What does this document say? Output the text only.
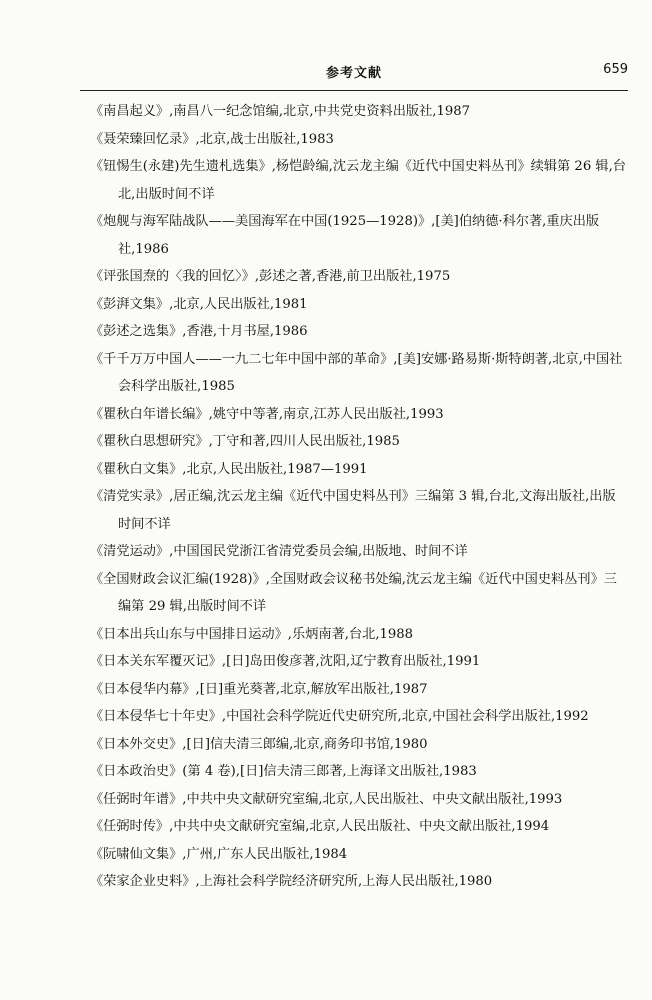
参考文献	659
《南昌起义》,南昌八一纪念馆编,北京,中共党史资料出版社,1987
《聂荣臻回忆录》,北京,战士出版社,1983
《钮惕生(永建)先生遗札选集》,杨恺龄编,沈云龙主编《近代中国史料丛刊》续辑第 26 辑,台北,出版时间不详
《炮舰与海军陆战队——美国海军在中国(1925—1928)》,[美]伯纳德·科尔著,重庆出版社,1986
《评张国焘的〈我的回忆〉》,彭述之著,香港,前卫出版社,1975
《彭湃文集》,北京,人民出版社,1981
《彭述之选集》,香港,十月书屋,1986
《千千万万中国人——一九二七年中国中部的革命》,[美]安娜·路易斯·斯特朗著,北京,中国社会科学出版社,1985
《瞿秋白年谱长编》,姚守中等著,南京,江苏人民出版社,1993
《瞿秋白思想研究》,丁守和著,四川人民出版社,1985
《瞿秋白文集》,北京,人民出版社,1987—1991
《清党实录》,居正编,沈云龙主编《近代中国史料丛刊》三编第 3 辑,台北,文海出版社,出版时间不详
《清党运动》,中国国民党浙江省清党委员会编,出版地、时间不详
《全国财政会议汇编(1928)》,全国财政会议秘书处编,沈云龙主编《近代中国史料丛刊》三编第 29 辑,出版时间不详
《日本出兵山东与中国排日运动》,乐炳南著,台北,1988
《日本关东军覆灭记》,[日]岛田俊彦著,沈阳,辽宁教育出版社,1991
《日本侵华内幕》,[日]重光葵著,北京,解放军出版社,1987
《日本侵华七十年史》,中国社会科学院近代史研究所,北京,中国社会科学出版社,1992
《日本外交史》,[日]信夫清三郎编,北京,商务印书馆,1980
《日本政治史》(第 4 卷),[日]信夫清三郎著,上海译文出版社,1983
《任弼时年谱》,中共中央文献研究室编,北京,人民出版社、中央文献出版社,1993
《任弼时传》,中共中央文献研究室编,北京,人民出版社、中央文献出版社,1994
《阮啸仙文集》,广州,广东人民出版社,1984
《荣家企业史料》,上海社会科学院经济研究所,上海人民出版社,1980
